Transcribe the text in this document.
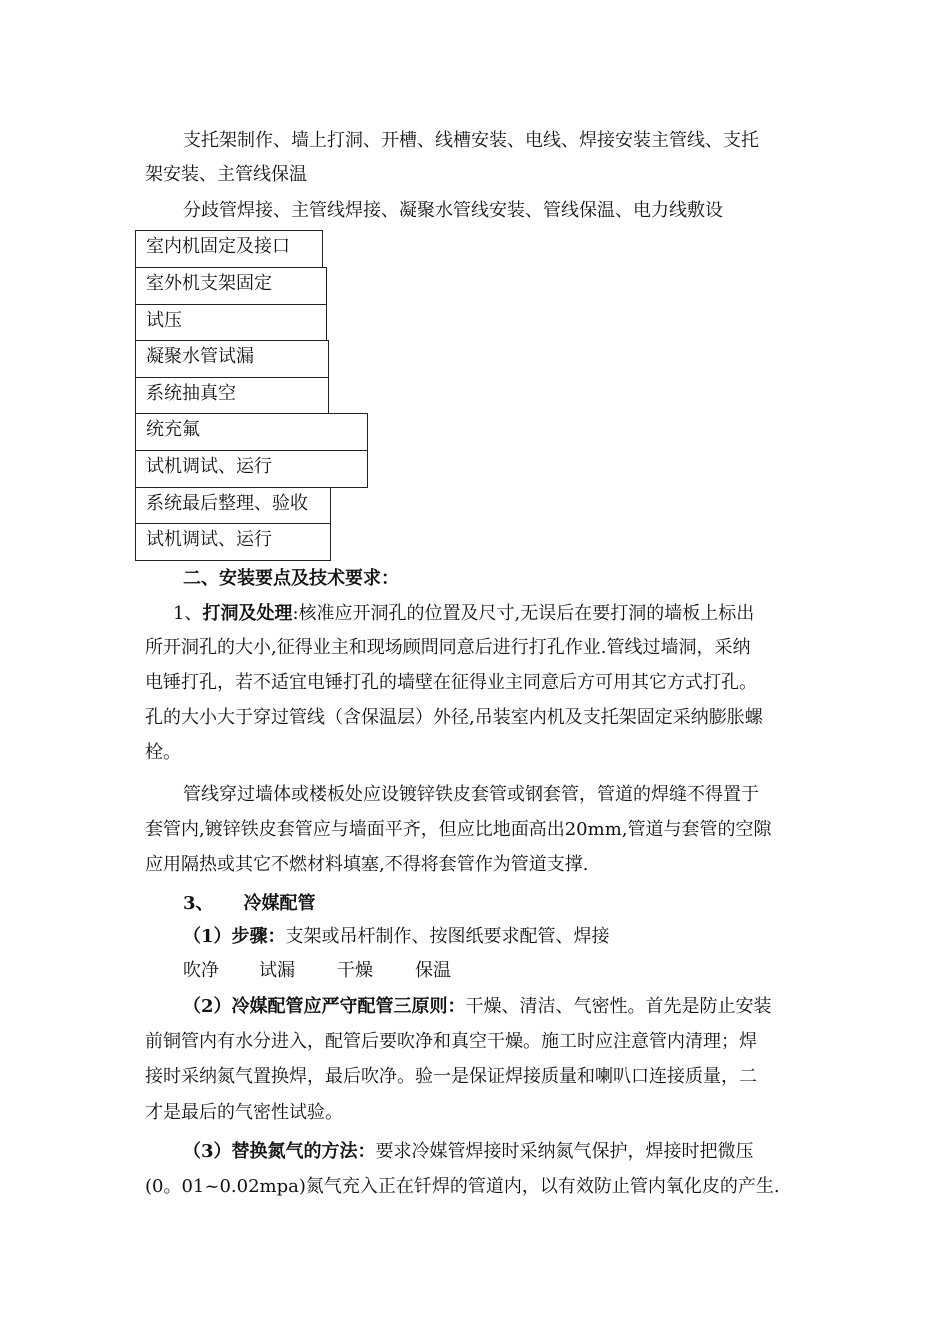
支托架制作、墙上打洞、开槽、线槽安装、电线、焊接安装主管线、支托
架安装、主管线保温
分歧管焊接、主管线焊接、凝聚水管线安装、管线保温、电力线敷设
室内机固定及接口
室外机支架固定
试压
凝聚水管试漏
系统抽真空
统充氟
试机调试、运行
系统最后整理、验收
试机调试、运行
二、安装要点及技术要求：
1、打洞及处理:核准应开洞孔的位置及尺寸,无误后在要打洞的墙板上标出
所开洞孔的大小,征得业主和现场顾問同意后进行打孔作业.管线过墙洞，采纳
电锤打孔，若不适宜电锤打孔的墙壁在征得业主同意后方可用其它方式打孔。
孔的大小大于穿过管线（含保温层）外径,吊装室内机及支托架固定采纳膨胀螺
栓。
管线穿过墙体或楼板处应设镀锌铁皮套管或钢套管，管道的焊缝不得置于
套管内,镀锌铁皮套管应与墙面平齐，但应比地面高出20mm,管道与套管的空隙
应用隔热或其它不燃材料填塞,不得将套管作为管道支撑.
3、 冷媒配管
（1）步骤：支架或吊杆制作、按图纸要求配管、焊接
吹净 试漏 干燥 保温
（2）冷媒配管应严守配管三原则：干燥、清洁、气密性。首先是防止安装
前铜管内有水分进入，配管后要吹净和真空干燥。施工时应注意管内清理；焊
接时采纳氮气置换焊，最后吹净。验一是保证焊接质量和喇叭口连接质量，二
才是最后的气密性试验。
（3）替换氮气的方法：要求冷媒管焊接时采纳氮气保护，焊接时把微压
(0。01~0.02mpa)氮气充入正在钎焊的管道内，以有效防止管内氧化皮的产生.
